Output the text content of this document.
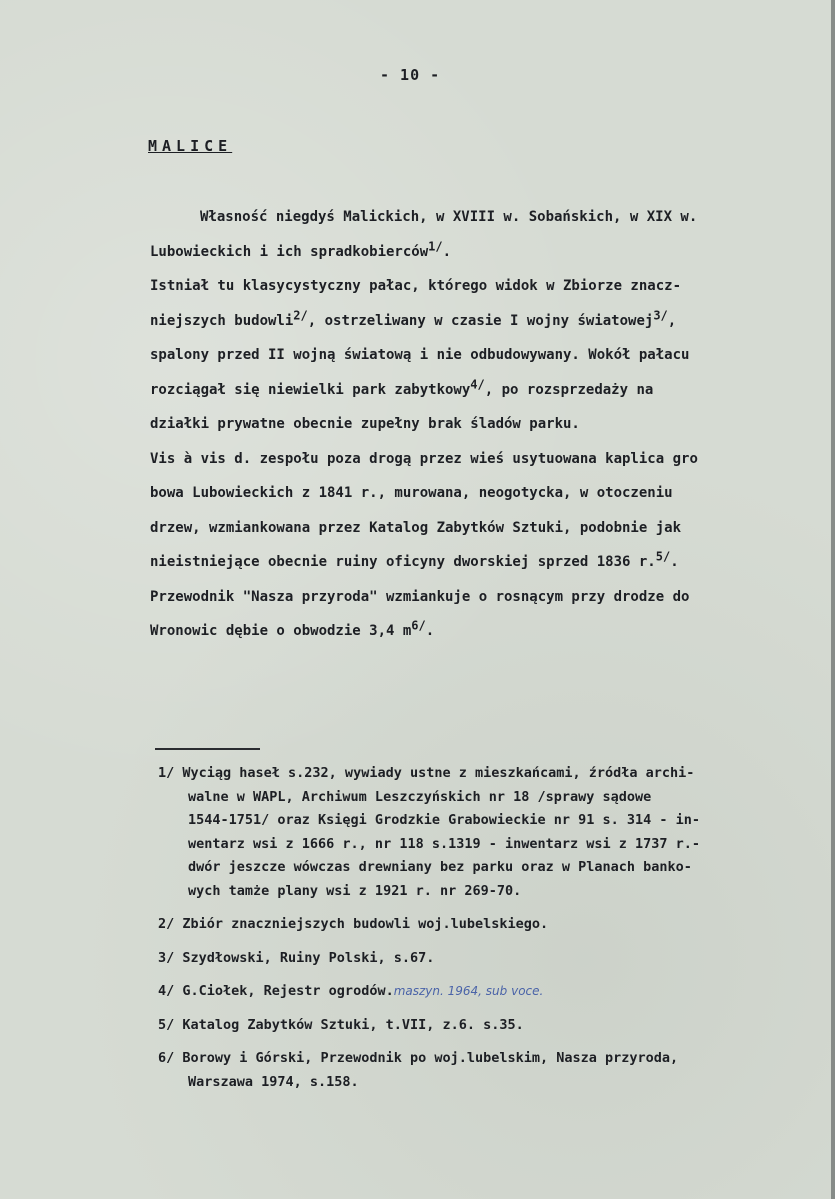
- 10 -
MALICE
Własność niegdyś Malickich, w XVIII w. Sobańskich, w XIX w.
Lubowieckich i ich spradkobierców$^{1/}$.
Istniał tu klasycystyczny pałac, którego widok w Zbiorze znacz-
niejszych budowli$^{2/}$, ostrzeliwany w czasie I wojny światowej$^{3/}$,
spalony przed II wojną światową i nie odbudowywany. Wokół pałacu
rozciągał się niewielki park zabytkowy$^{4/}$, po rozsprzedaży na
działki prywatne obecnie zupełny brak śladów parku.
Vis à vis d. zespołu poza drogą przez wieś usytuowana kaplica gro
bowa Lubowieckich z 1841 r., murowana, neogotycka, w otoczeniu
drzew, wzmiankowana przez Katalog Zabytków Sztuki, podobnie jak
nieistniejące obecnie ruiny oficyny dworskiej sprzed 1836 r.$^{5/}$.
Przewodnik "Nasza przyroda" wzmiankuje o rosnącym przy drodze do
Wronowic dębie o obwodzie 3,4 $m^{6/}$.
1/ Wyciąg haseł s.232, wywiady ustne z mieszkańcami, źródła archi-
walne w WAPL, Archiwum Leszczyńskich nr 18 /sprawy sądowe
1544-1751/ oraz Księgi Grodzkie Grabowieckie nr 91 s. 314 - in-
wentarz wsi z 1666 r., nr 118 s.1319 - inwentarz wsi z 1737 r.-
dwór jeszcze wówczas drewniany bez parku oraz w Planach banko-
wych tamże plany wsi z 1921 r. nr 269-70.
2/ Zbiór znaczniejszych budowli woj.lubelskiego.
3/ Szydłowski, Ruiny Polski, s.67.
4/ G.Ciołek, Rejestr ogrodów.maszyn. 1964, sub voce.
5/ Katalog Zabytków Sztuki, t.VII, z.6. s.35.
6/ Borowy i Górski, Przewodnik po woj.lubelskim, Nasza przyroda,
Warszawa 1974, s.158.
